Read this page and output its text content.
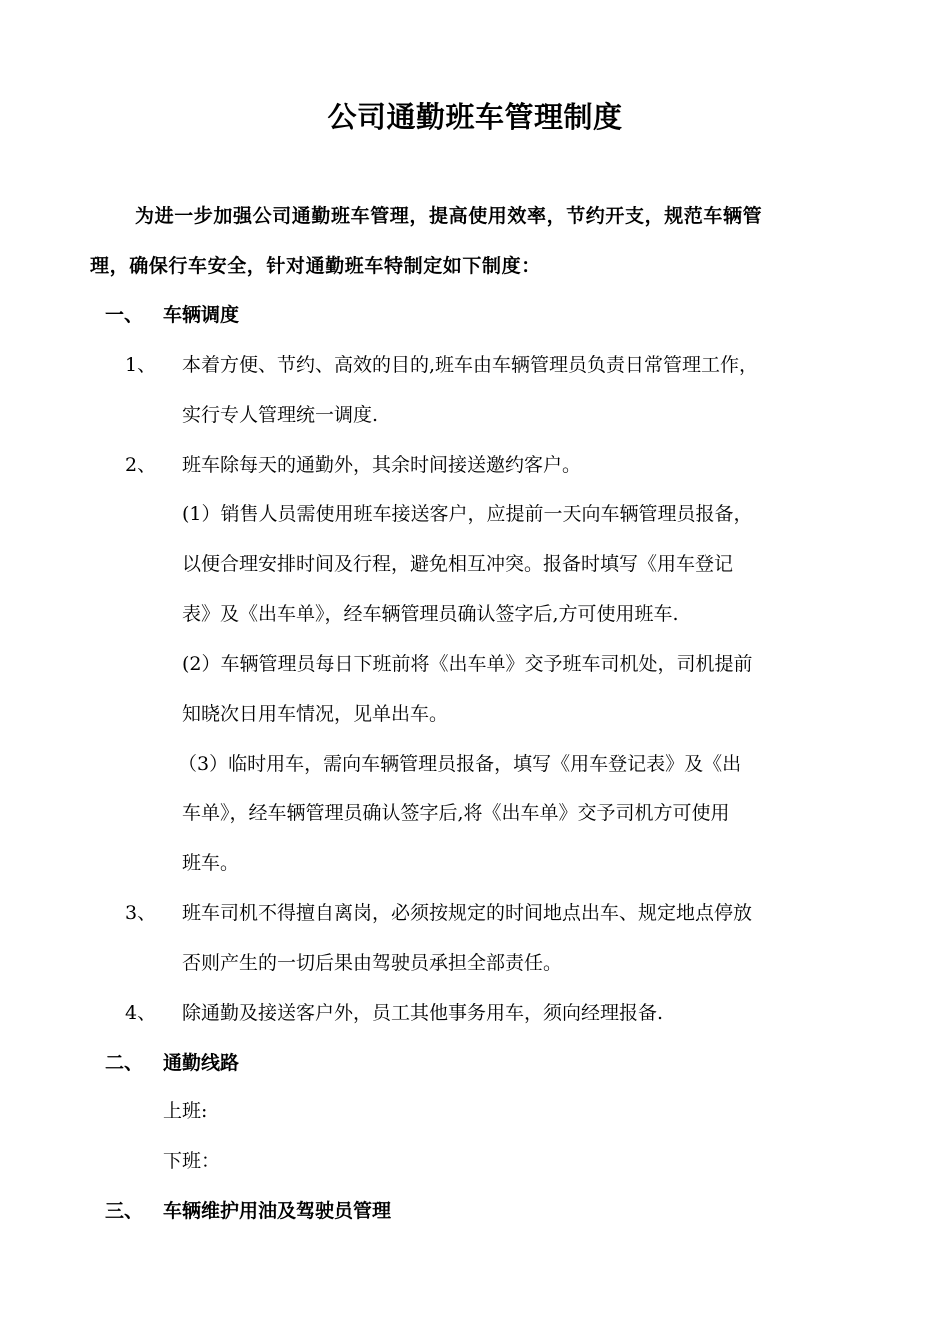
公司通勤班车管理制度
为进一步加强公司通勤班车管理，提高使用效率，节约开支，规范车辆管
理，确保行车安全，针对通勤班车特制定如下制度：
一、 车辆调度
1、 本着方便、节约、高效的目的,班车由车辆管理员负责日常管理工作，
实行专人管理统一调度.
2、 班车除每天的通勤外，其余时间接送邀约客户。
(1）销售人员需使用班车接送客户，应提前一天向车辆管理员报备，
以便合理安排时间及行程，避免相互冲突。报备时填写《用车登记
表》及《出车单》，经车辆管理员确认签字后,方可使用班车.
(2）车辆管理员每日下班前将《出车单》交予班车司机处，司机提前
知晓次日用车情况，见单出车。
（3）临时用车，需向车辆管理员报备，填写《用车登记表》及《出
车单》，经车辆管理员确认签字后,将《出车单》交予司机方可使用
班车。
3、 班车司机不得擅自离岗，必须按规定的时间地点出车、规定地点停放
否则产生的一切后果由驾驶员承担全部责任。
4、 除通勤及接送客户外，员工其他事务用车，须向经理报备.
二、 通勤线路
上班:
下班：
三、 车辆维护用油及驾驶员管理
